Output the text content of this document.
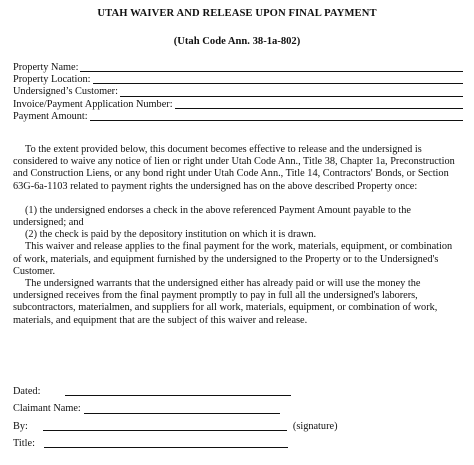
UTAH WAIVER AND RELEASE UPON FINAL PAYMENT
(Utah Code Ann. 38-1a-802)
Property Name:
Property Location:
Undersigned’s Customer:
Invoice/Payment Application Number:
Payment Amount:

To the extent provided below, this document becomes effective to release and the undersigned is considered to waive any notice of lien or right under Utah Code Ann., Title 38, Chapter 1a, Preconstruction and Construction Liens, or any bond right under Utah Code Ann., Title 14, Contractors' Bonds, or Section 63G-6a-1103 related to payment rights the undersigned has on the above described Property once:

(1) the undersigned endorses a check in the above referenced Payment Amount payable to the undersigned; and

(2) the check is paid by the depository institution on which it is drawn.

This waiver and release applies to the final payment for the work, materials, equipment, or combination of work, materials, and equipment furnished by the undersigned to the Property or to the Undersigned's Customer.

The undersigned warrants that the undersigned either has already paid or will use the money the undersigned receives from the final payment promptly to pay in full all the undersigned's laborers, subcontractors, materialmen, and suppliers for all work, materials, equipment, or combination of work, materials, and equipment that are the subject of this waiver and release.

Dated:
Claimant Name:
By:	(signature)
Title:
